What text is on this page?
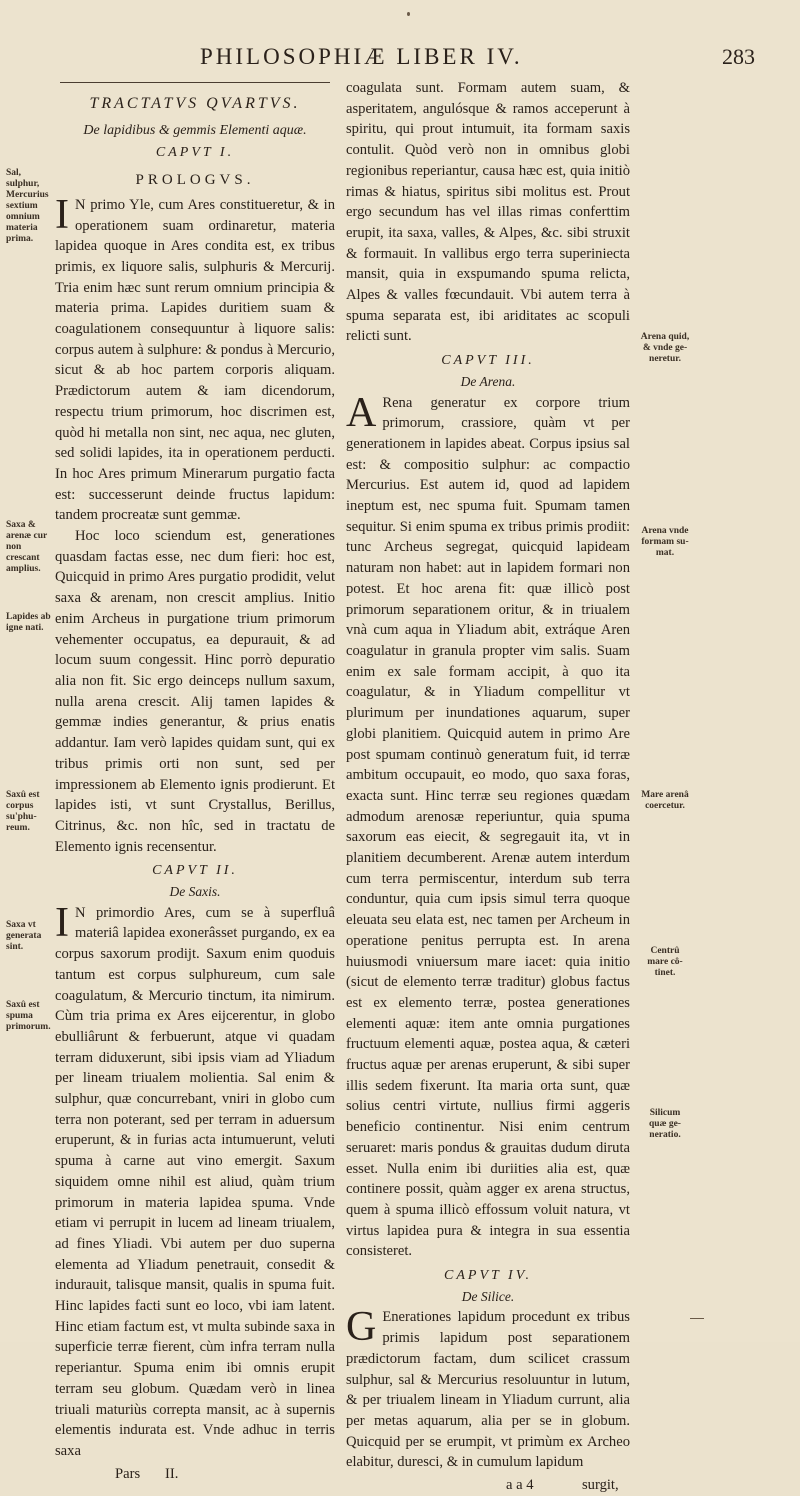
PHILOSOPHIÆ LIBER IV.	283
TRACTATVS QVARTVS.
De lapidibus & gemmis Elementi aquæ.
CAPVT I.
PROLOGVS.

I N primo Yle, cum Ares constitueretur, & in operationem suam ordinaretur, materia lapidea quoque in Ares condita est, ex tribus primis, ex liquore salis, sulphuris & Mercurij. Tria enim hæc sunt rerum omnium principia & materia prima. Lapides duritiem suam & coagulationem consequuntur à liquore salis: corpus autem à sulphure: & pondus à Mercurio, sicut & ab hoc partem corporis aliquam. Prædictorum autem & iam dicendorum, respectu trium primorum, hoc discrimen est, quòd hi metalla non sint, nec aqua, nec gluten, sed solidi lapides, ita in operationem perducti. In hoc Ares primum Minerarum purgatio facta est: successerunt deinde fructus lapidum: tandem procreatæ sunt gemmæ.

Hoc loco sciendum est, generationes quasdam factas esse, nec dum fieri: hoc est, Quicquid in primo Ares purgatio prodidit, velut saxa & arenam, non crescit amplius. Initio enim Archeus in purgatione trium primorum vehementer occupatus, ea depurauit, & ad locum suum congessit. Hinc porrò depuratio alia non fit. Sic ergo deinceps nullum saxum, nulla arena crescit. Alij tamen lapides & gemmæ indies generantur, & prius enatis addantur. Iam verò lapides quidam sunt, qui ex tribus primis orti non sunt, sed per impressionem ab Elemento ignis prodierunt. Et lapides isti, vt sunt Crystallus, Berillus, Citrinus, &c. non hîc, sed in tractatu de Elemento ignis recensentur.

CAPVT II.
De Saxis.

I N primordio Ares, cum se à superfluâ materiâ lapidea exonerâsset purgando, ex ea corpus saxorum prodijt. Saxum enim quoduis tantum est corpus sulphureum, cum sale coagulatum, & Mercurio tinctum, ita nimirum. Cùm tria prima ex Ares eijcerentur, in globo ebulliârunt & ferbuerunt, atque vi quadam terram diduxerunt, sibi ipsis viam ad Yliadum per lineam triualem molientia. Sal enim & sulphur, quæ concurrebant, vniri in globo cum terra non poterant, sed per terram in aduersum eruperunt, & in furias acta intumuerunt, veluti spuma à carne aut vino emergit. Saxum siquidem omne nihil est aliud, quàm trium primorum in materia lapidea spuma. Vnde etiam vi perrupit in lucem ad lineam triualem, ad fines Yliadi. Vbi autem per duo superna elementa ad Yliadum penetrauit, consedit & indurauit, talisque mansit, qualis in spuma fuit. Hinc lapides facti sunt eo loco, vbi iam latent. Hinc etiam factum est, vt multa subinde saxa in superficie terræ fierent, cùm infra terram nulla reperiantur. Spuma enim ibi omnis erupit terram seu globum. Quædam verò in linea triuali maturiùs correpta mansit, ac à supernis elementis indurata est. Vnde adhuc in terris saxa

Pars II.

coagulata sunt. Formam autem suam, & asperitatem, angulósque & ramos acceperunt à spiritu, qui prout intumuit, ita formam saxis contulit. Quòd verò non in omnibus globi regionibus reperiantur, causa hæc est, quia initiò rimas & hiatus, spiritus sibi molitus est. Prout ergo secundum has vel illas rimas conferttim erupit, ita saxa, valles, & Alpes, &c. sibi struxit & formauit. In vallibus ergo terra superiniecta mansit, quia in exspumando spuma relicta, Alpes & valles fœcundauit. Vbi autem terra à spuma separata est, ibi ariditates ac scopuli relicti sunt.

CAPVT III.
De Arena.

A Rena generatur ex corpore trium primorum, crassiore, quàm vt per generationem in lapides abeat. Corpus ipsius sal est: & compositio sulphur: ac compactio Mercurius. Est autem id, quod ad lapidem ineptum est, nec spuma fuit. Spumam tamen sequitur. Si enim spuma ex tribus primis prodiit: tunc Archeus segregat, quicquid lapideam naturam non habet: aut in lapidem formari non potest. Et hoc arena fit: quæ illicò post primorum separationem oritur, & in triualem vnà cum aqua in Yliadum abit, extráque Aren coagulatur in granula propter vim salis. Suam enim ex sale formam accipit, à quo ita coagulatur, & in Yliadum compellitur vt plurimum per inundationes aquarum, super globi planitiem. Quicquid autem in primo Are post spumam continuò generatum fuit, id terræ ambitum occupauit, eo modo, quo saxa foras, exacta sunt. Hinc terræ seu regiones quædam admodum arenosæ reperiuntur, quia spuma saxorum eas eiecit, & segregauit ita, vt in planitiem decumberent. Arenæ autem interdum cum terra permiscentur, interdum sub terra conduntur, quia cum ipsis simul terra quoque eleuata seu elata est, nec tamen per Archeum in operatione penitus perrupta est. In arena huiusmodi vniuersum mare iacet: quia initio (sicut de elemento terræ traditur) globus factus est ex elemento terræ, postea generationes elementi aquæ: item ante omnia purgationes fructuum elementi aquæ, postea aqua, & cæteri fructus aquæ per arenas eruperunt, & sibi super illis sedem fixerunt. Ita maria orta sunt, quæ solius centri virtute, nullius firmi aggeris beneficio continentur. Nisi enim centrum seruaret: maris pondus & grauitas dudum diruta esset. Nulla enim ibi duriities alia est, quæ continere possit, quàm agger ex arena structus, quem à spuma illicò effossum voluit natura, vt virtus lapidea pura & integra in sua essentia consisteret.

CAPVT IV.
De Silice.

G Enerationes lapidum procedunt ex tribus primis lapidum post separationem prædictorum factam, dum scilicet crassum sulphur, sal & Mercurius resoluuntur in lutum, & per triualem lineam in Yliadum currunt, alia per metas aquarum, alia per se in globum. Quicquid per se erumpit, vt primùm ex Archeo elabitur, duresci, & in cumulum lapidum

a a 4	surgit,
Sal, sulphur, Mercurius sextium omnium materia prima.
Saxa & arenæ cur non crescant amplius.
Lapides ab igne nati.
Saxû est corpus su'phureum.
Saxa vt generata sint.
Saxû est spuma primorum.
Arena quid, & vnde generetur.
Arena vnde formam sumat.
Mare arenâ coercetur.
Centrû mare côtinet.
Silicum quæ generatio.
